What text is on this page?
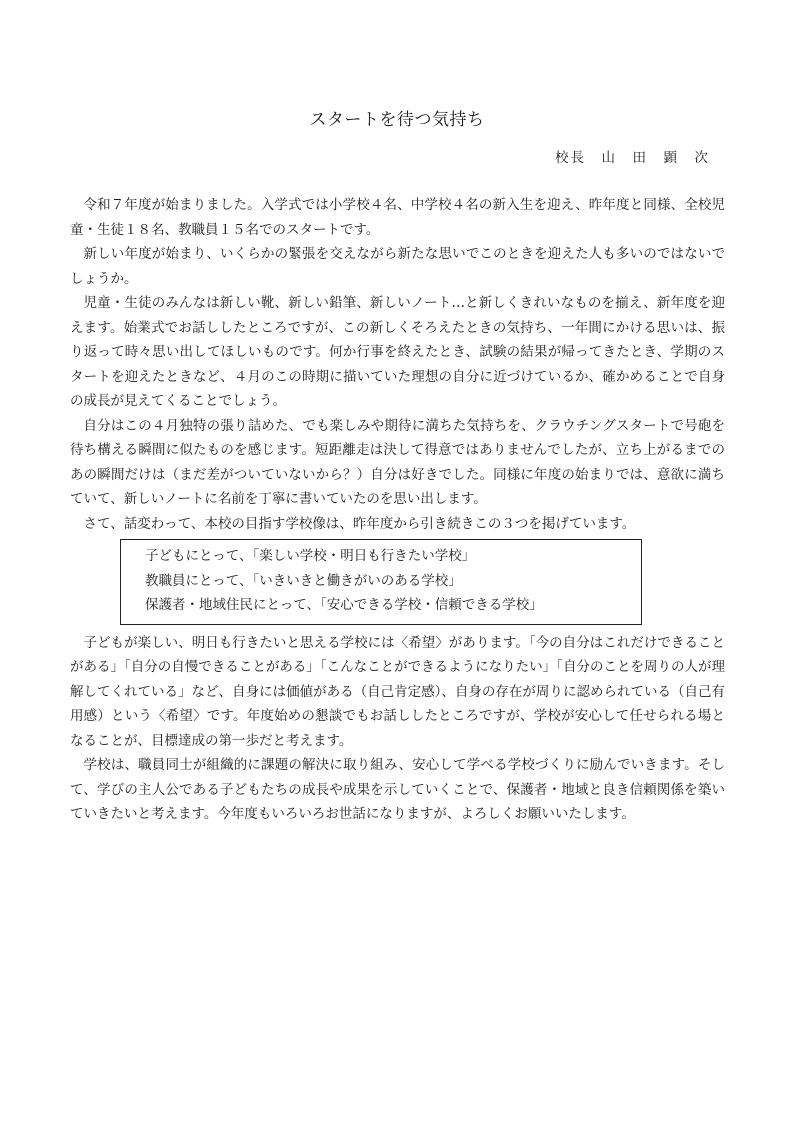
スタートを待つ気持ち
校長　山　田　顕　次

令和７年度が始まりました。入学式では小学校４名、中学校４名の新入生を迎え、昨年度と同様、全校児童・生徒１８名、教職員１５名でのスタートです。

新しい年度が始まり、いくらかの緊張を交えながら新たな思いでこのときを迎えた人も多いのではないでしょうか。

児童・生徒のみんなは新しい靴、新しい鉛筆、新しいノート…と新しくきれいなものを揃え、新年度を迎えます。始業式でお話ししたところですが、この新しくそろえたときの気持ち、一年間にかける思いは、振り返って時々思い出してほしいものです。何か行事を終えたとき、試験の結果が帰ってきたとき、学期のスタートを迎えたときなど、４月のこの時期に描いていた理想の自分に近づけているか、確かめることで自身の成長が見えてくることでしょう。

自分はこの４月独特の張り詰めた、でも楽しみや期待に満ちた気持ちを、クラウチングスタートで号砲を待ち構える瞬間に似たものを感じます。短距離走は決して得意ではありませんでしたが、立ち上がるまでのあの瞬間だけは（まだ差がついていないから？）自分は好きでした。同様に年度の始まりでは、意欲に満ちていて、新しいノートに名前を丁寧に書いていたのを思い出します。

さて、話変わって、本校の目指す学校像は、昨年度から引き続きこの３つを掲げています。

子どもにとって、「楽しい学校・明日も行きたい学校」
教職員にとって、「いきいきと働きがいのある学校」
保護者・地域住民にとって、「安心できる学校・信頼できる学校」

子どもが楽しい、明日も行きたいと思える学校には〈希望〉があります。「今の自分はこれだけできることがある」「自分の自慢できることがある」「こんなことができるようになりたい」「自分のことを周りの人が理解してくれている」など、自身には価値がある（自己肯定感）、自身の存在が周りに認められている（自己有用感）という〈希望〉です。年度始めの懇談でもお話ししたところですが、学校が安心して任せられる場となることが、目標達成の第一歩だと考えます。

学校は、職員同士が組織的に課題の解決に取り組み、安心して学べる学校づくりに励んでいきます。そして、学びの主人公である子どもたちの成長や成果を示していくことで、保護者・地域と良き信頼関係を築いていきたいと考えます。今年度もいろいろお世話になりますが、よろしくお願いいたします。
